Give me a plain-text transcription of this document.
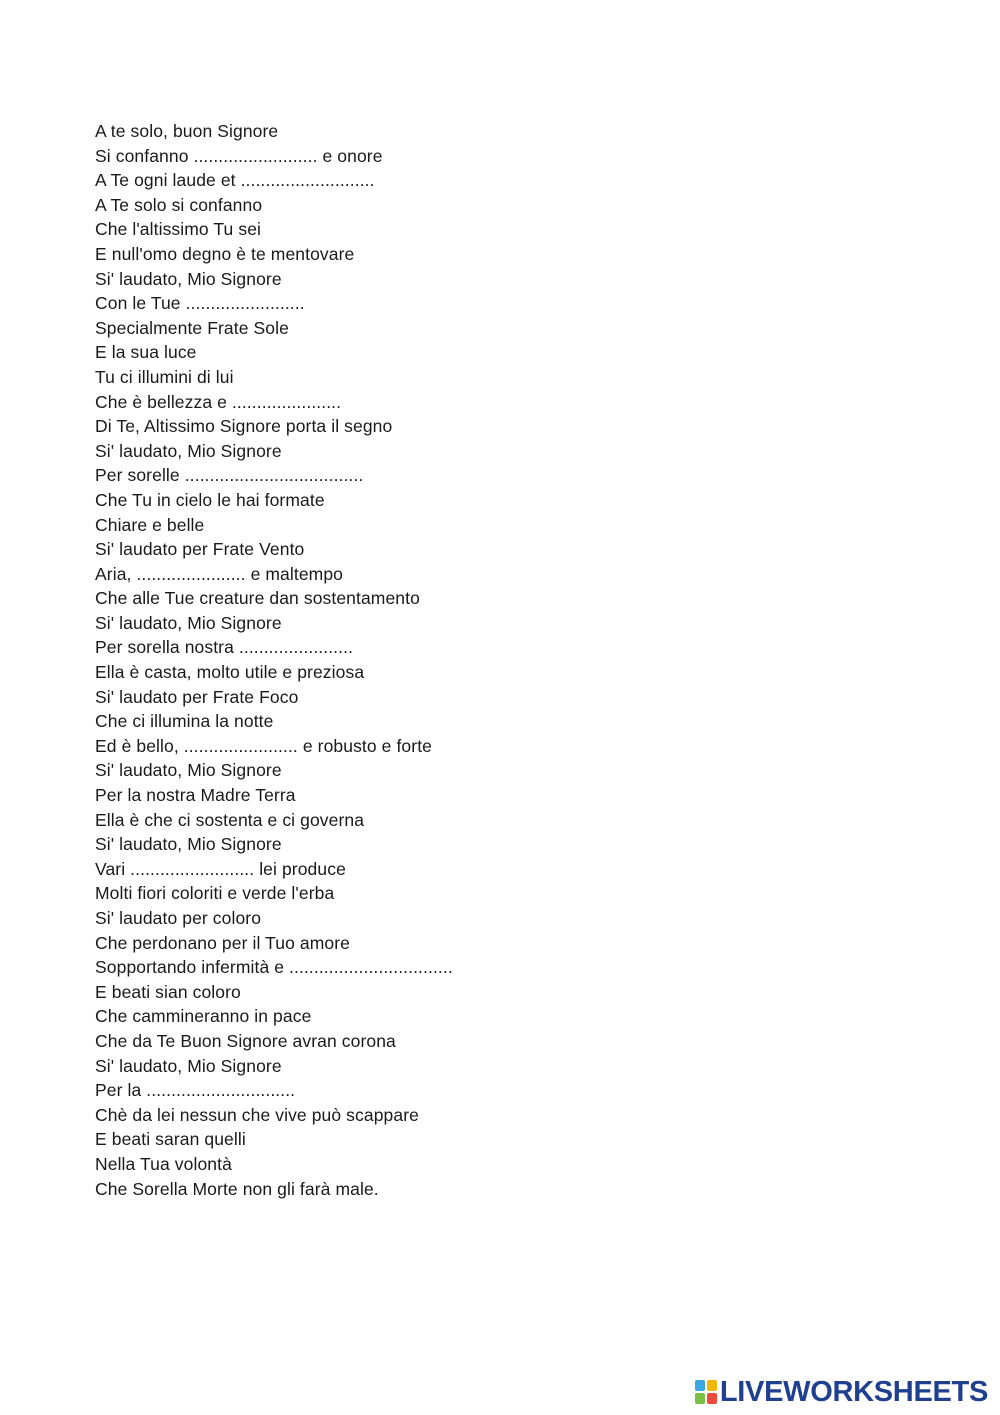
A te solo, buon Signore
Si confanno ......................... e onore
A Te ogni laude et ...........................
A Te solo si confanno
Che l'altissimo Tu sei
E null'omo degno è te mentovare
Si' laudato, Mio Signore
Con le Tue ........................
Specialmente Frate Sole
E la sua luce
Tu ci illumini di lui
Che è bellezza e ......................
Di Te, Altissimo Signore porta il segno
Si' laudato, Mio Signore
Per sorelle ....................................
Che Tu in cielo le hai formate
Chiare e belle
Si' laudato per Frate Vento
Aria, ...................... e maltempo
Che alle Tue creature dan sostentamento
Si' laudato, Mio Signore
Per sorella nostra .......................
Ella è casta, molto utile e preziosa
Si' laudato per Frate Foco
Che ci illumina la notte
Ed è bello, ....................... e robusto e forte
Si' laudato, Mio Signore
Per la nostra Madre Terra
Ella è che ci sostenta e ci governa
Si' laudato, Mio Signore
Vari ......................... lei produce
Molti fiori coloriti e verde l'erba
Si' laudato per coloro
Che perdonano per il Tuo amore
Sopportando infermità e .................................
E beati sian coloro
Che cammineranno in pace
Che da Te Buon Signore avran corona
Si' laudato, Mio Signore
Per la ..............................
Chè da lei nessun che vive può scappare
E beati saran quelli
Nella Tua volontà
Che Sorella Morte non gli farà male.
LIVEWORKSHEETS
